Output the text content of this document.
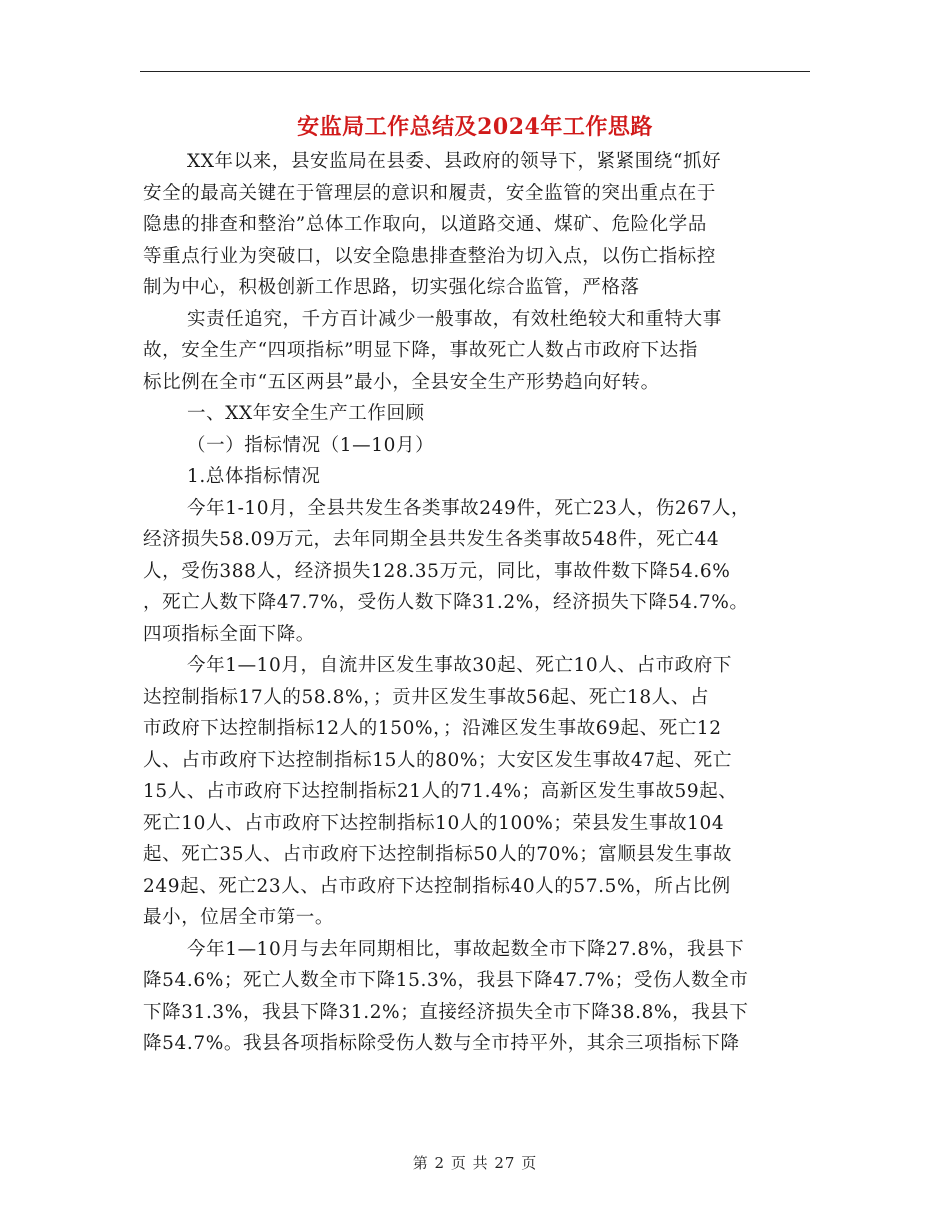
安监局工作总结及2024年工作思路
XX年以来，县安监局在县委、县政府的领导下，紧紧围绕“抓好
安全的最高关键在于管理层的意识和履责，安全监管的突出重点在于
隐患的排查和整治”总体工作取向，以道路交通、煤矿、危险化学品
等重点行业为突破口，以安全隐患排查整治为切入点，以伤亡指标控
制为中心，积极创新工作思路，切实强化综合监管，严格落
实责任追究，千方百计减少一般事故，有效杜绝较大和重特大事
故，安全生产“四项指标”明显下降，事故死亡人数占市政府下达指
标比例在全市“五区两县”最小，全县安全生产形势趋向好转。
一、XX年安全生产工作回顾
（一）指标情况（1—10月）
1.总体指标情况
今年1-10月，全县共发生各类事故249件，死亡23人，伤267人，
经济损失58.09万元，去年同期全县共发生各类事故548件，死亡44
人，受伤388人，经济损失128.35万元，同比，事故件数下降54.6%
，死亡人数下降47.7%，受伤人数下降31.2%，经济损失下降54.7%。
四项指标全面下降。
今年1—10月，自流井区发生事故30起、死亡10人、占市政府下
达控制指标17人的58.8%，；贡井区发生事故56起、死亡18人、占
市政府下达控制指标12人的150%，；沿滩区发生事故69起、死亡12
人、占市政府下达控制指标15人的80%；大安区发生事故47起、死亡
15人、占市政府下达控制指标21人的71.4%；高新区发生事故59起、
死亡10人、占市政府下达控制指标10人的100%；荣县发生事故104
起、死亡35人、占市政府下达控制指标50人的70%；富顺县发生事故
249起、死亡23人、占市政府下达控制指标40人的57.5%，所占比例
最小，位居全市第一。
今年1—10月与去年同期相比，事故起数全市下降27.8%，我县下
降54.6%；死亡人数全市下降15.3%，我县下降47.7%；受伤人数全市
下降31.3%，我县下降31.2%；直接经济损失全市下降38.8%，我县下
降54.7%。我县各项指标除受伤人数与全市持平外，其余三项指标下降
第 2 页 共 27 页
